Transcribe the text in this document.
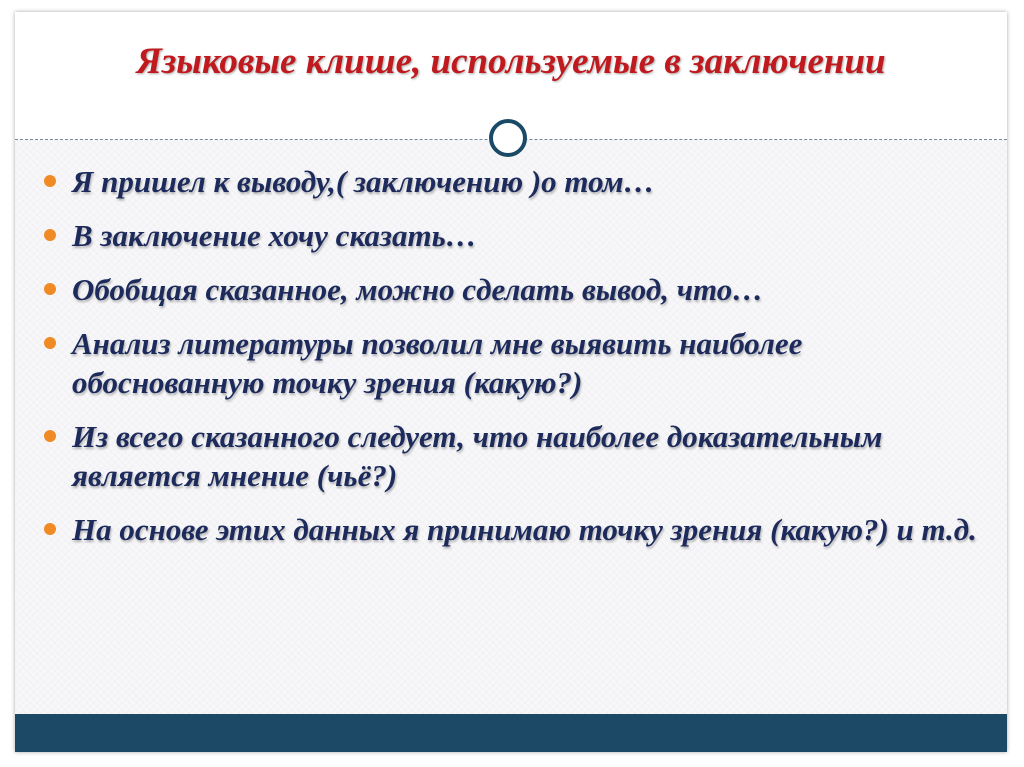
Языковые клише, используемые в заключении
Я пришел к выводу,( заключению )о том…
В заключение хочу сказать…
Обобщая сказанное, можно сделать вывод, что…
Анализ литературы позволил мне выявить наиболее обоснованную точку зрения (какую?)
Из всего сказанного следует, что наиболее доказательным является мнение (чьё?)
На основе этих данных я принимаю точку зрения (какую?) и т.д.
